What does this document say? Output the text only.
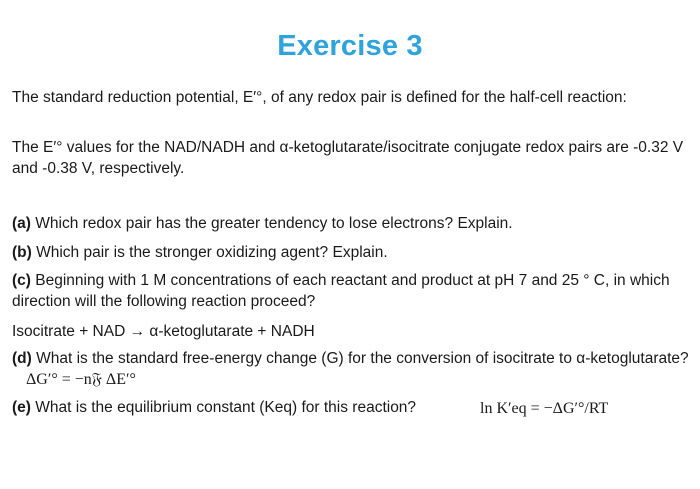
Exercise 3
The standard reduction potential, E′°, of any redox pair is defined for the half-cell reaction:
The E′° values for the NAD/NADH and α-ketoglutarate/isocitrate conjugate redox pairs are -0.32 V and -0.38 V, respectively.
(a) Which redox pair has the greater tendency to lose electrons? Explain.
(b) Which pair is the stronger oxidizing agent? Explain.
(c) Beginning with 1 M concentrations of each reactant and product at pH 7 and 25 ° C, in which direction will the following reaction proceed?
Isocitrate + NAD → α-ketoglutarate + NADH
(d) What is the standard free-energy change (G) for the conversion of isocitrate to α-ketoglutarate? ΔG′° = −n𝔉 ΔE′°
(e) What is the equilibrium constant (Keq) for this reaction?	ln K′eq = −ΔG′°/RT
